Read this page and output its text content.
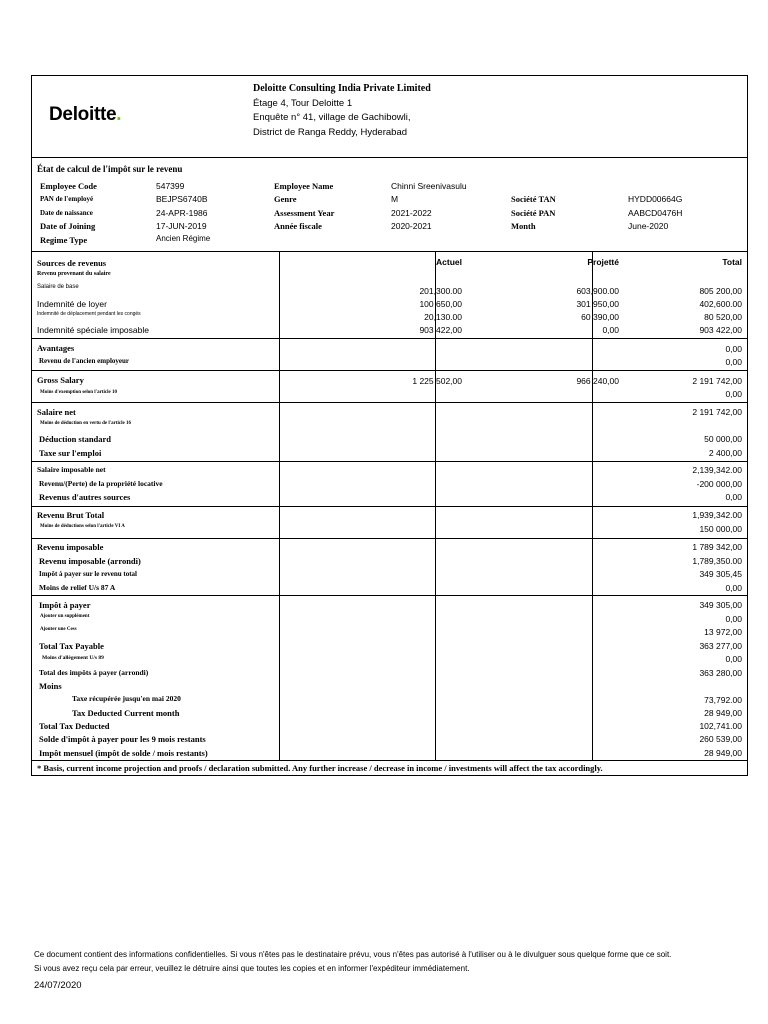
Deloitte.
Deloitte Consulting India Private Limited
Étage 4, Tour Deloitte 1
Enquête n° 41, village de Gachibowli,
District de Ranga Reddy, Hyderabad
État de calcul de l'impôt sur le revenu
Employee Code	547399
PAN de l'employé	BEJPS6740B
Date de naissance	24-APR-1986
Date of Joining	17-JUN-2019
Regime Type	Ancien Régime
Employee Name	Chinni Sreenivasulu
Genre	M
Assessment Year	2021-2022
Année fiscale	2020-2021
Société TAN	HYDD00664G
Société PAN	AABCD0476H
Month	June-2020
Sources de revenus	Actuel	Projetté	Total
Revenu provenant du salaire
Salaire de base	201,300.00	603,900.00	805 200,00
Indemnité de loyer	100 650,00	301 950,00	402,600.00
Indemnité de déplacement pendant les congés	20,130.00	60 390,00	80 520,00
Indemnité spéciale imposable	903 422,00	0,00	903 422,00
Avantages	0,00
Revenu de l'ancien employeur	0,00
Gross Salary	1 225 502,00	966 240,00	2 191 742,00
Moins d'exemption selon l'article 10	0,00
Salaire net	2 191 742,00
Moins de déduction en vertu de l'article 16
Déduction standard	50 000,00
Taxe sur l'emploi	2 400,00
Salaire imposable net	2,139,342.00
Revenu/(Perte) de la propriété locative	-200 000,00
Revenus d'autres sources	0,00
Revenu Brut Total	1,939,342.00
Moins de déductions selon l'article VI A	150 000,00
Revenu imposable	1 789 342,00
Revenu imposable (arrondi)	1,789,350.00
Impôt à payer sur le revenu total	349 305,45
Moins de relief U/s 87 A	0,00
Impôt à payer	349 305,00
Ajouter un supplément	0,00
Ajouter une Cess	13 972,00
Total Tax Payable	363 277,00
Moins d'allègement U/s 89	0,00
Total des impôts à payer (arrondi)	363 280,00
Moins
Taxe récupérée jusqu'en mai 2020	73,792.00
Tax Deducted Current month	28 949,00
Total Tax Deducted	102,741.00
Solde d'impôt à payer pour les 9 mois restants	260 539,00
Impôt mensuel (impôt de solde / mois restants)	28 949,00
* Basis, current income projection and proofs / declaration submitted. Any further increase / decrease in income / investments will affect the tax accordingly.
Ce document contient des informations confidentielles. Si vous n'êtes pas le destinataire prévu, vous n'êtes pas autorisé à l'utiliser ou à le divulguer sous quelque forme que ce soit.
Si vous avez reçu cela par erreur, veuillez le détruire ainsi que toutes les copies et en informer l'expéditeur immédiatement.
24/07/2020
